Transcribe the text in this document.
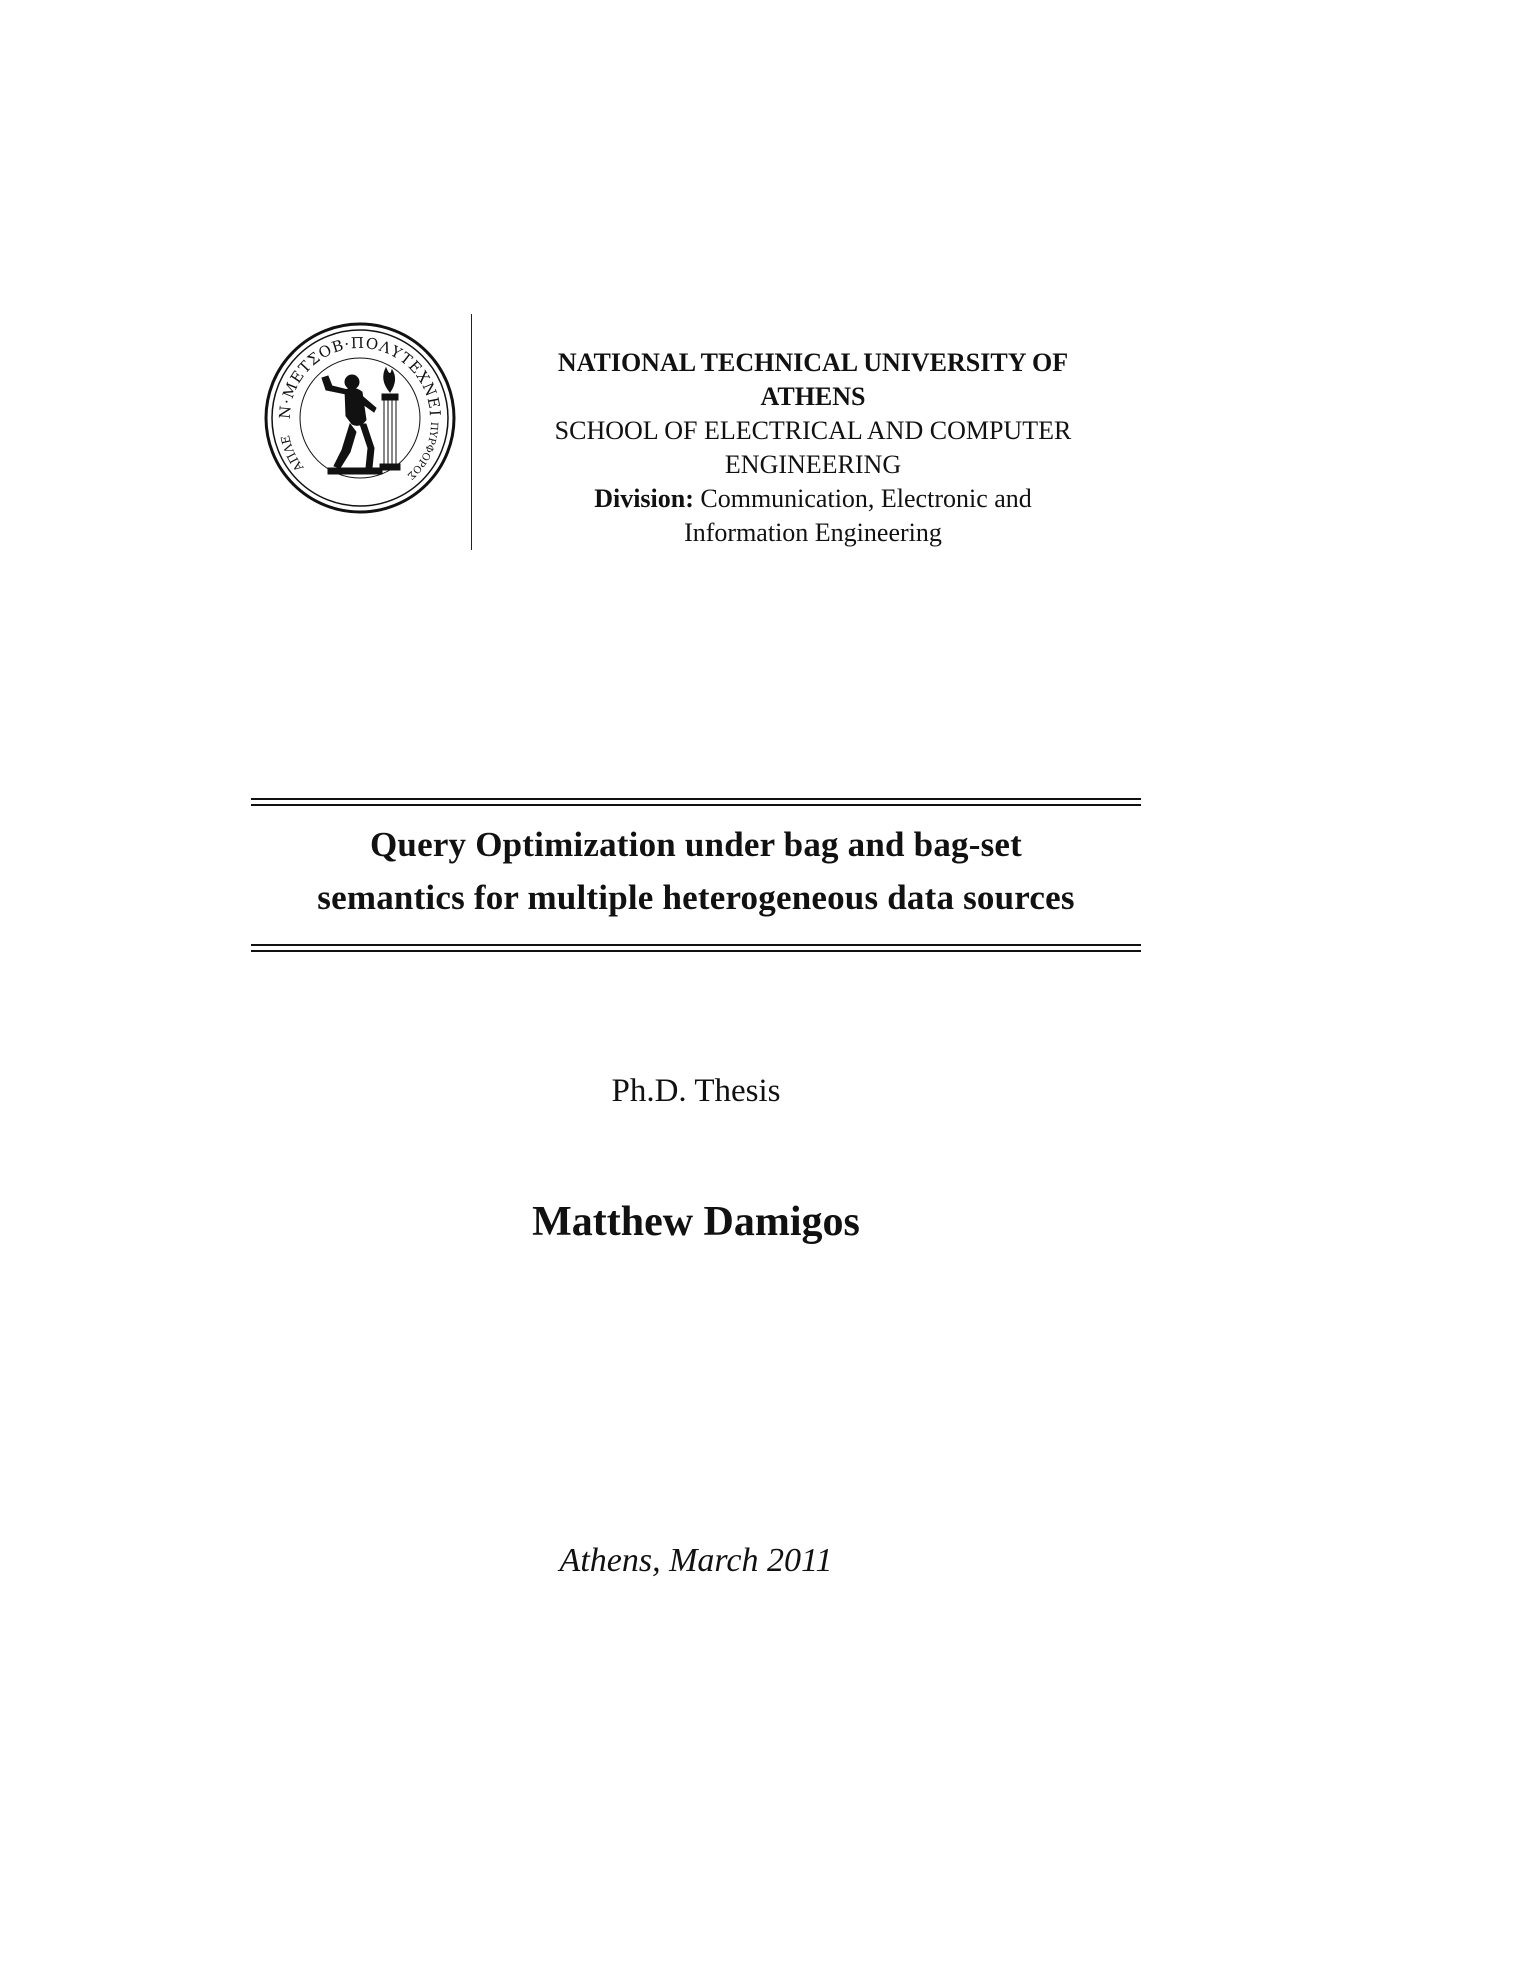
Ν·ΜΕΤΣΟΒ·ΠΟΛΥΤΕΧΝΕΙ
ΑΠΛΕ
ΠΥΡΦΟΡΟΣ
NATIONAL TECHNICAL UNIVERSITY OF
ATHENS
SCHOOL OF ELECTRICAL AND COMPUTER
ENGINEERING
Division: Communication, Electronic and
Information Engineering
Query Optimization under bag and bag-set
semantics for multiple heterogeneous data sources
Ph.D. Thesis
Matthew Damigos
Athens, March 2011
